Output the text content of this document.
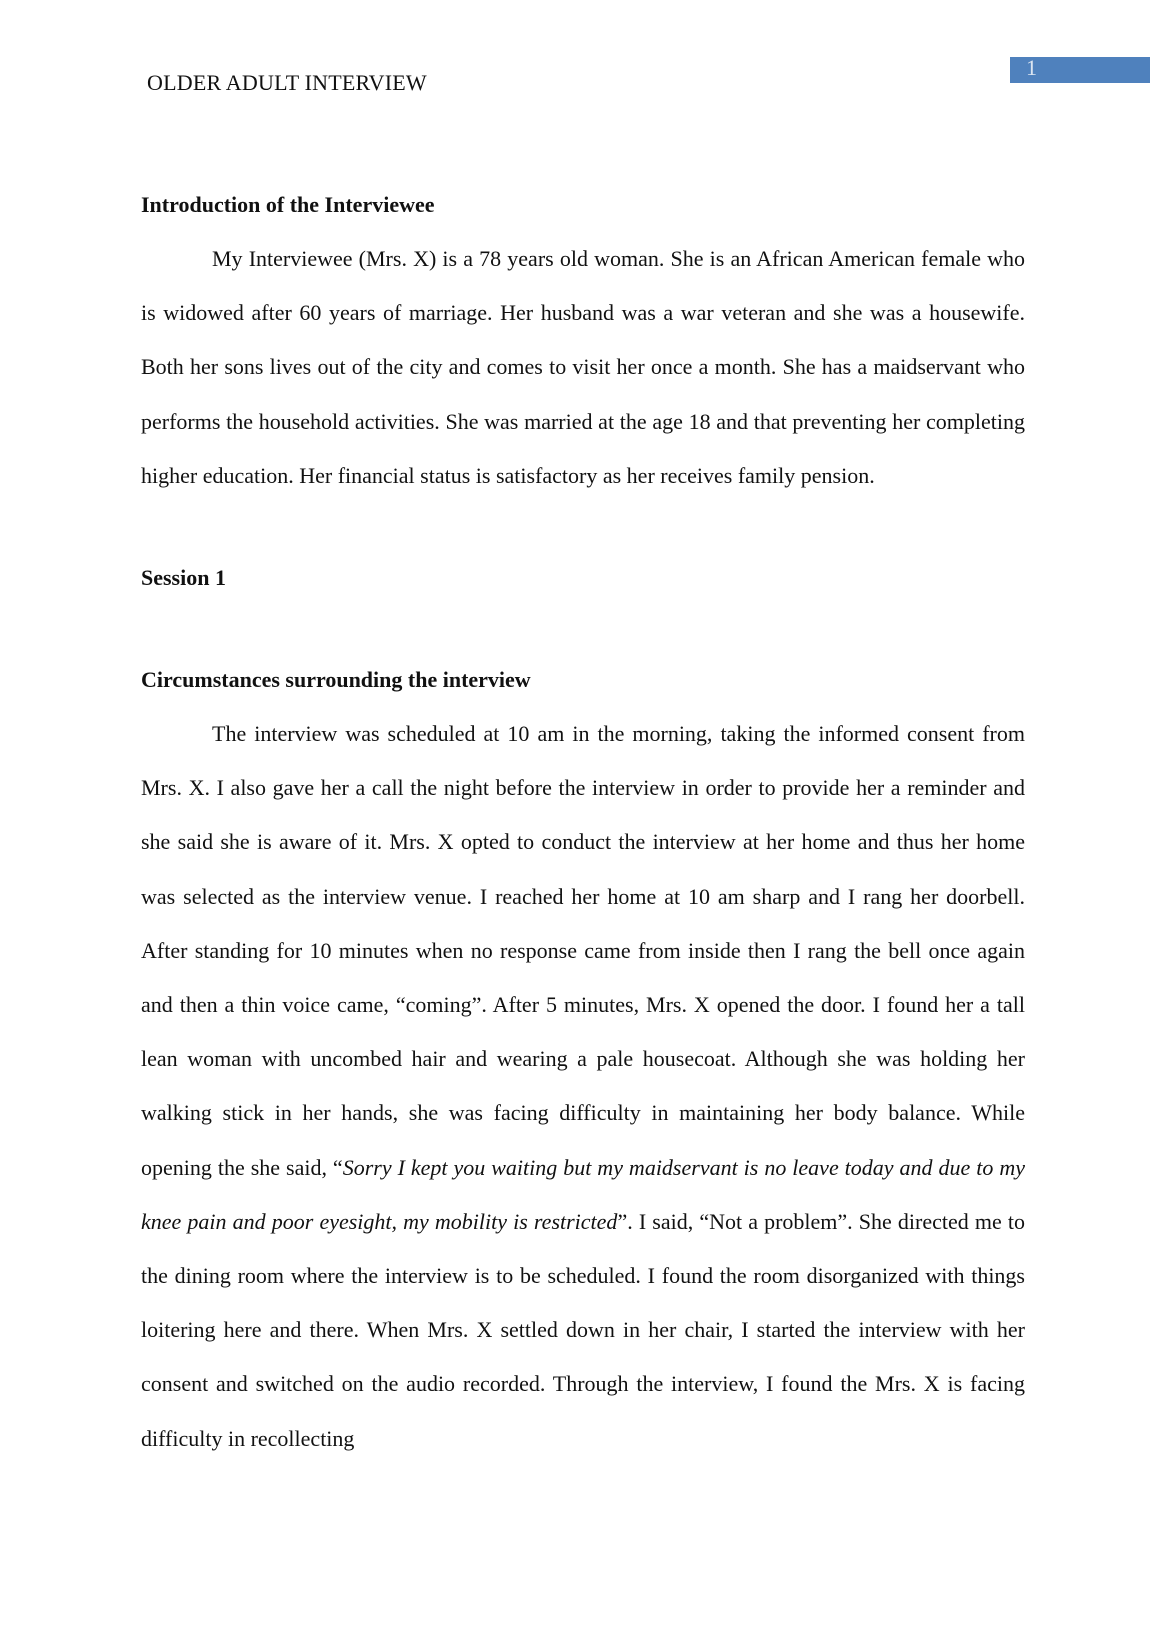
OLDER ADULT INTERVIEW
1
Introduction of the Interviewee

My Interviewee (Mrs. X) is a 78 years old woman. She is an African American female who is widowed after 60 years of marriage. Her husband was a war veteran and she was a housewife. Both her sons lives out of the city and comes to visit her once a month. She has a maidservant who performs the household activities. She was married at the age 18 and that preventing her completing higher education. Her financial status is satisfactory as her receives family pension.

Session 1
Circumstances surrounding the interview

The interview was scheduled at 10 am in the morning, taking the informed consent from Mrs. X. I also gave her a call the night before the interview in order to provide her a reminder and she said she is aware of it. Mrs. X opted to conduct the interview at her home and thus her home was selected as the interview venue. I reached her home at 10 am sharp and I rang her doorbell. After standing for 10 minutes when no response came from inside then I rang the bell once again and then a thin voice came, “coming”. After 5 minutes, Mrs. X opened the door. I found her a tall lean woman with uncombed hair and wearing a pale housecoat. Although she was holding her walking stick in her hands, she was facing difficulty in maintaining her body balance. While opening the she said, “Sorry I kept you waiting but my maidservant is no leave today and due to my knee pain and poor eyesight, my mobility is restricted”. I said, “Not a problem”. She directed me to the dining room where the interview is to be scheduled. I found the room disorganized with things loitering here and there. When Mrs. X settled down in her chair, I started the interview with her consent and switched on the audio recorded. Through the interview, I found the Mrs. X is facing difficulty in recollecting
